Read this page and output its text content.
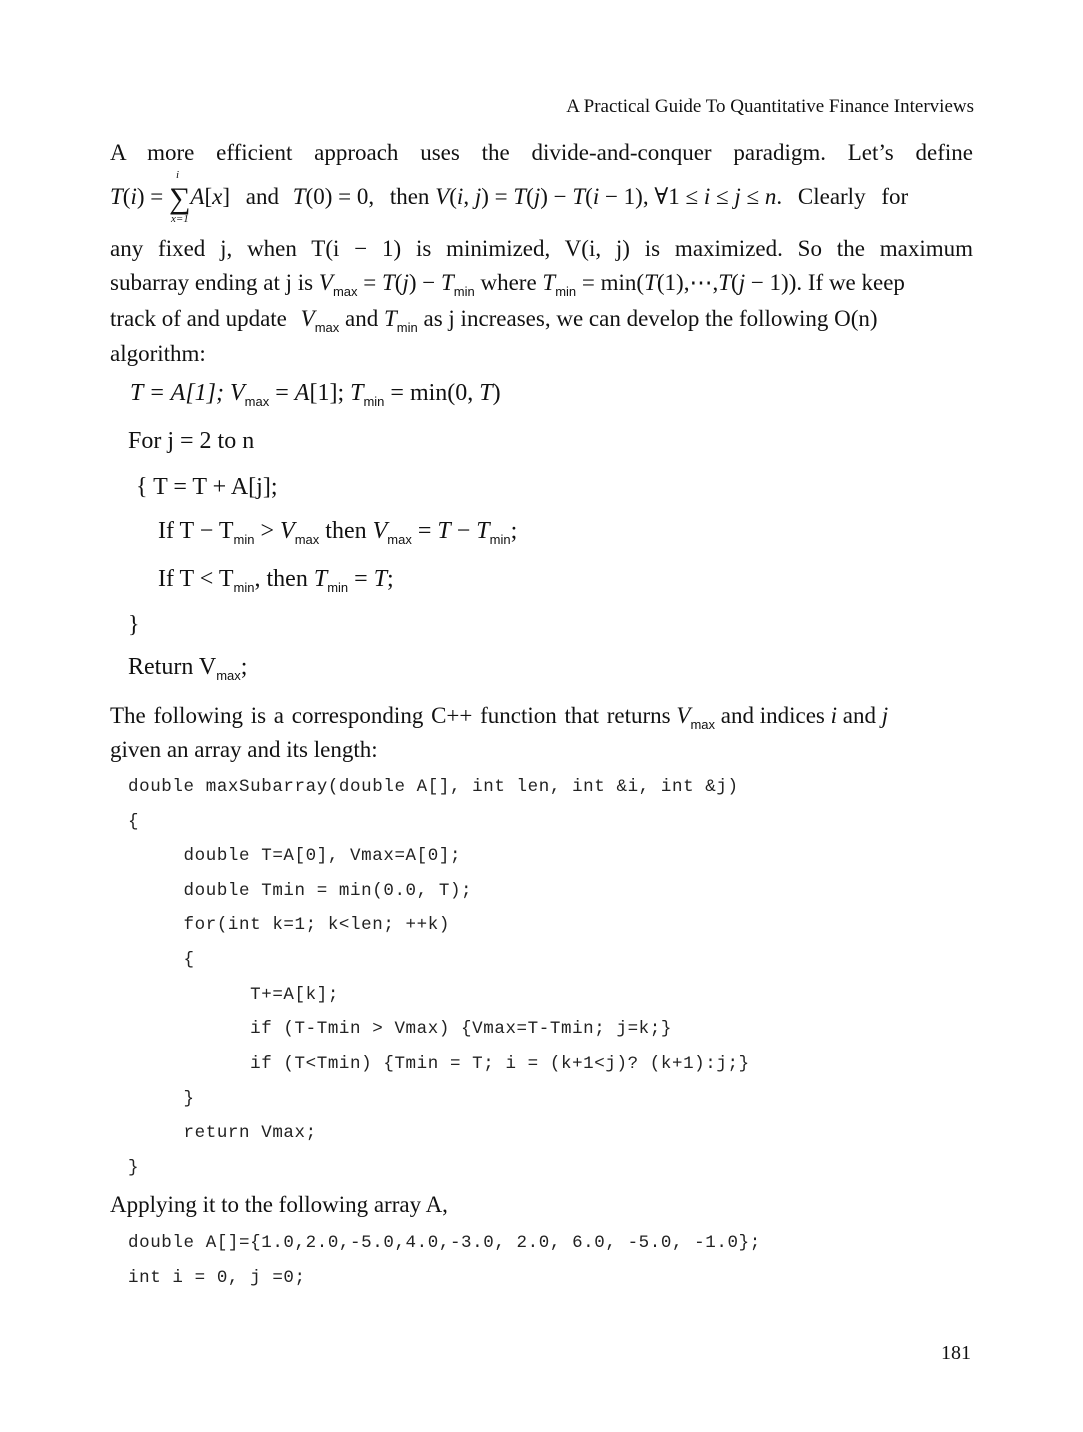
A Practical Guide To Quantitative Finance Interviews
A more efficient approach uses the divide-and-conquer paradigm. Let’s define
T(i) = ∑
i
x=1
A[x] and T(0) = 0, then V(i, j) = T(j) − T(i − 1), ∀1 ≤ i ≤ j ≤ n. Clearly for
any fixed j, when T(i − 1) is minimized, V(i, j) is maximized. So the maximum
subarray ending at j is $V_{max} = T(j) - T_{min}$ where $T_{min}$ = min(T(1),⋯,T(j − 1)). If we keep
track of and update $V_{max}$ and $T_{min}$ as j increases, we can develop the following O(n)
algorithm:
T = A[1]; $V_{max} = A[1]$; $T_{min} = \min(0$, T)
For j = 2 to n
{ T = T + A[j];
If $T - T_{min} > V_{max}$ then $V_{max} = T - T_{min}$;
If $T < T_{min}$, then $T_{min} = T$;
}
Return $V_{max}$;
The following is a corresponding C++ function that returns $V_{max}$ and indices i and j
given an array and its length:
double maxSubarray(double A[], int len, int &i, int &j)
{
double T=A[0], Vmax=A[0];
double Tmin = min(0.0, T);
for(int k=1; k<len; ++k)
{
T+=A[k];
if (T-Tmin > Vmax) {Vmax=T-Tmin; j=k;}
if (T<Tmin) {Tmin = T; i = (k+1<j)? (k+1):j;}
}
return Vmax;
}
Applying it to the following array A,
double A[]={1.0,2.0,-5.0,4.0,-3.0, 2.0, 6.0, -5.0, -1.0};
int i = 0, j =0;
181
